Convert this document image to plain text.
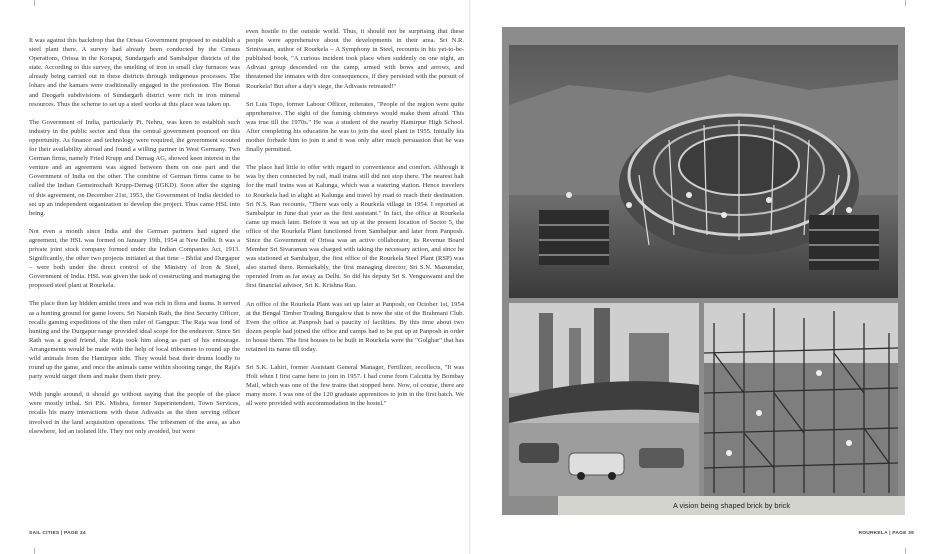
It was against this backdrop that the Orissa Government proposed to establish a steel plant there. A survey had already been conducted by the Census Operations, Orissa in the Koraput, Sundargarh and Sambalpur districts of the state. According to this survey, the smelting of iron in small clay furnaces was already being carried out in these districts through indigenous processes. The lohars and the kamars were traditionally engaged in the profession. The Bonai and Deogarh subdivisions of Sundargarh district were rich in iron mineral resources. Thus the scheme to set up a steel works at this place was taken up.

The Government of India, particularly Pt. Nehru, was keen to establish such industry in the public sector and thus the central government pounced on this opportunity. As finance and technology were required, the government scouted for their availability abroad and found a willing partner in West Germany. Two German firms, namely Fried Krupp and Demag AG, showed keen interest in the venture and an agreement was signed between them on one part and the Government of India on the other. The combine of German firms came to be called the Indian Gemeinschaft Krupp-Demag (IGKD). Soon after the signing of this agreement, on December 21st, 1953, the Government of India decided to set up an independent organization to develop the project. Thus came HSL into being.

Not even a month since India and the German partners had signed the agreement, the HSL was formed on January 19th, 1954 at New Delhi. It was a private joint stock company formed under the Indian Companies Act, 1913. Significantly, the other two projects initiated at that time – Bhilai and Durgapur – were both under the direct control of the Ministry of Iron & Steel, Government of India. HSL was given the task of constructing and managing the proposed steel plant at Rourkela.

The place then lay hidden amidst trees and was rich in flora and fauna. It served as a hunting ground for game lovers. Sri Narsinh Rath, the first Security Officer, recalls gaming expeditions of the then ruler of Gangpur. The Raja was fond of hunting and the Durgapur range provided ideal scope for the endeavor. Since Sri Rath was a good friend, the Raja took him along as part of his entourage. Arrangements would be made with the help of local tribesmen to round up the wild animals from the Hamirpur side. They would beat their drums loudly to round up the game, and once the animals came within shooting range, the Raja's party would target them and make them their prey.

With jungle around, it should go without saying that the people of the place were mostly tribal. Sri P.K. Mishra, former Superintendent, Town Services, recalls his many interactions with these Adivasis as the then serving officer involved in the land acquisition operations. The tribesmen of the area, as also elsewhere, led an isolated life. They not only avoided, but were

even hostile to the outside world. Thus, it should not be surprising that these people were apprehensive about the developments in their area. Sri N.R. Srinivasan, author of Rourkela – A Symphony in Steel, recounts in his yet-to-be-published book, "A curious incident took place when suddenly on one night, an Adivasi group descended on the camp, armed with bows and arrows, and threatened the inmates with dire consequences, if they persisted with the pursuit of Rourkela! But after a day's siege, the Adivasis retreated!"

Sri Luis Topo, former Labour Officer, reiterates, "People of the region were quite apprehensive. The sight of the fuming chimneys would make them afraid. This was true till the 1970s." He was a student of the nearby Hamirpur High School. After completing his education he was to join the steel plant in 1955. Initially his mother forbade him to join it and it was only after much persuasion that he was finally permitted.

The place had little to offer with regard to convenience and comfort. Although it was by then connected by rail, mail trains still did not stop there. The nearest halt for the mail trains was at Kalunga, which was a watering station. Hence travelers to Rourkela had to alight at Kalunga and travel by road to reach their destination. Sri N.S. Rao recounts, "There was only a Rourkela village in 1954. I reported at Sambalpur in June that year as the first assistant." In fact, the office at Rourkela came up much later. Before it was set up at the present location of Sector 5, the office of the Rourkela Plant functioned from Sambalpur and later from Panposh. Since the Government of Orissa was an active collaborator, its Revenue Board Member Sri Sivaraman was charged with taking the necessary action, and since he was stationed at Sambalpur, the first office of the Rourkela Steel Plant (RSP) was also started there. Remarkably, the first managing director, Sri S.N. Mazumdar, operated from as far away as Delhi. So did his deputy Sri S. Venguswami and the first financial advisor, Sri K. Krishna Rao.

An office of the Rourkela Plant was set up later at Panposh, on October 1st, 1954 at the Bengal Timber Trading Bungalow that is now the site of the Brahmani Club. Even the office at Panposh had a paucity of facilities. By this time about two dozen people had joined the office and camps had to be put up at Panposh in order to house them. The first houses to be built in Rourkela were the "Golghar" that has retained its name till today.

Sri S.K. Lahiri, former Assistant General Manager, Fertilizer, recollects, "It was Holi when I first came here to join in 1957. I had come from Calcutta by Bombay Mail, which was one of the few trains that stopped here. Now, of course, there are many more. I was one of the 120 graduate apprentices to join in the first batch. We all were provided with accommodation in the hostel."

A vision being shaped brick by brick
SAIL CITIES | PAGE 34	ROURKELA | PAGE 35
